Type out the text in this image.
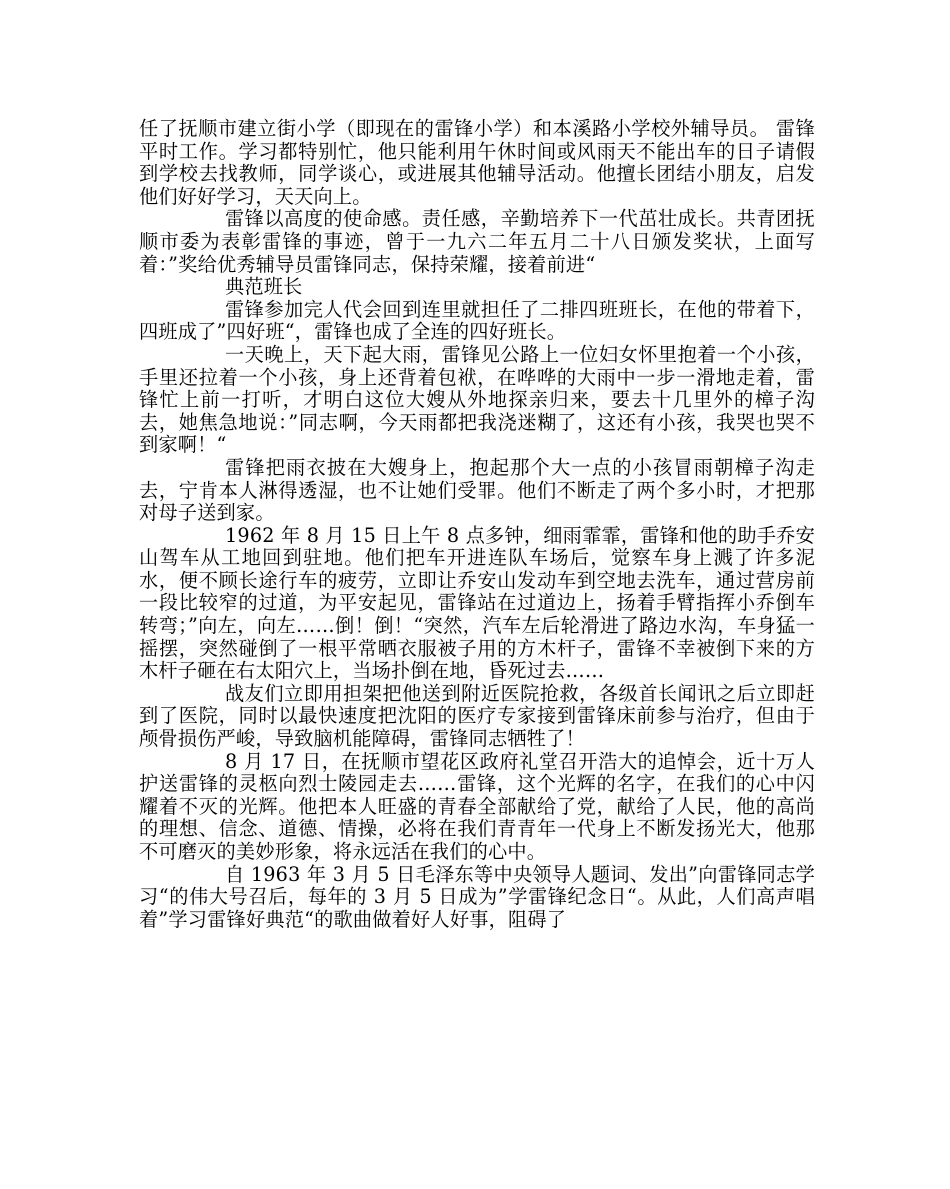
任了抚顺市建立街小学（即现在的雷锋小学）和本溪路小学校外辅导员。 雷锋平时工作。学习都特别忙，他只能利用午休时间或风雨天不能出车的日子请假到学校去找教师，同学谈心，或进展其他辅导活动。他擅长团结小朋友，启发他们好好学习，天天向上。

雷锋以高度的使命感。责任感，辛勤培养下一代茁壮成长。共青团抚顺市委为表彰雷锋的事迹，曾于一九六二年五月二十八日颁发奖状，上面写着：”奖给优秀辅导员雷锋同志，保持荣耀，接着前进“

典范班长

雷锋参加完人代会回到连里就担任了二排四班班长，在他的带着下，四班成了”四好班“，雷锋也成了全连的四好班长。

一天晚上，天下起大雨，雷锋见公路上一位妇女怀里抱着一个小孩，手里还拉着一个小孩，身上还背着包袱，在哗哗的大雨中一步一滑地走着，雷锋忙上前一打听，才明白这位大嫂从外地探亲归来，要去十几里外的樟子沟去，她焦急地说：”同志啊，今天雨都把我浇迷糊了，这还有小孩，我哭也哭不到家啊！“

雷锋把雨衣披在大嫂身上，抱起那个大一点的小孩冒雨朝樟子沟走去，宁肯本人淋得透湿，也不让她们受罪。他们不断走了两个多小时，才把那对母子送到家。

1962 年 8 月 15 日上午 8 点多钟，细雨霏霏，雷锋和他的助手乔安山驾车从工地回到驻地。他们把车开进连队车场后，觉察车身上溅了许多泥水，便不顾长途行车的疲劳，立即让乔安山发动车到空地去洗车，通过营房前一段比较窄的过道，为平安起见，雷锋站在过道边上，扬着手臂指挥小乔倒车转弯；”向左，向左……倒！倒！“突然，汽车左后轮滑进了路边水沟，车身猛一摇摆，突然碰倒了一根平常晒衣服被子用的方木杆子，雷锋不幸被倒下来的方木杆子砸在右太阳穴上，当场扑倒在地，昏死过去……

战友们立即用担架把他送到附近医院抢救，各级首长闻讯之后立即赶到了医院，同时以最快速度把沈阳的医疗专家接到雷锋床前参与治疗，但由于颅骨损伤严峻，导致脑机能障碍，雷锋同志牺牲了！

8 月 17 日，在抚顺市望花区政府礼堂召开浩大的追悼会，近十万人护送雷锋的灵柩向烈士陵园走去……雷锋，这个光辉的名字，在我们的心中闪耀着不灭的光辉。他把本人旺盛的青春全部献给了党，献给了人民，他的高尚的理想、信念、道德、情操，必将在我们青青年一代身上不断发扬光大，他那不可磨灭的美妙形象，将永远活在我们的心中。

自 1963 年 3 月 5 日毛泽东等中央领导人题词、发出”向雷锋同志学习“的伟大号召后，每年的 3 月 5 日成为”学雷锋纪念日“。从此，人们高声唱着”学习雷锋好典范“的歌曲做着好人好事，阻碍了
